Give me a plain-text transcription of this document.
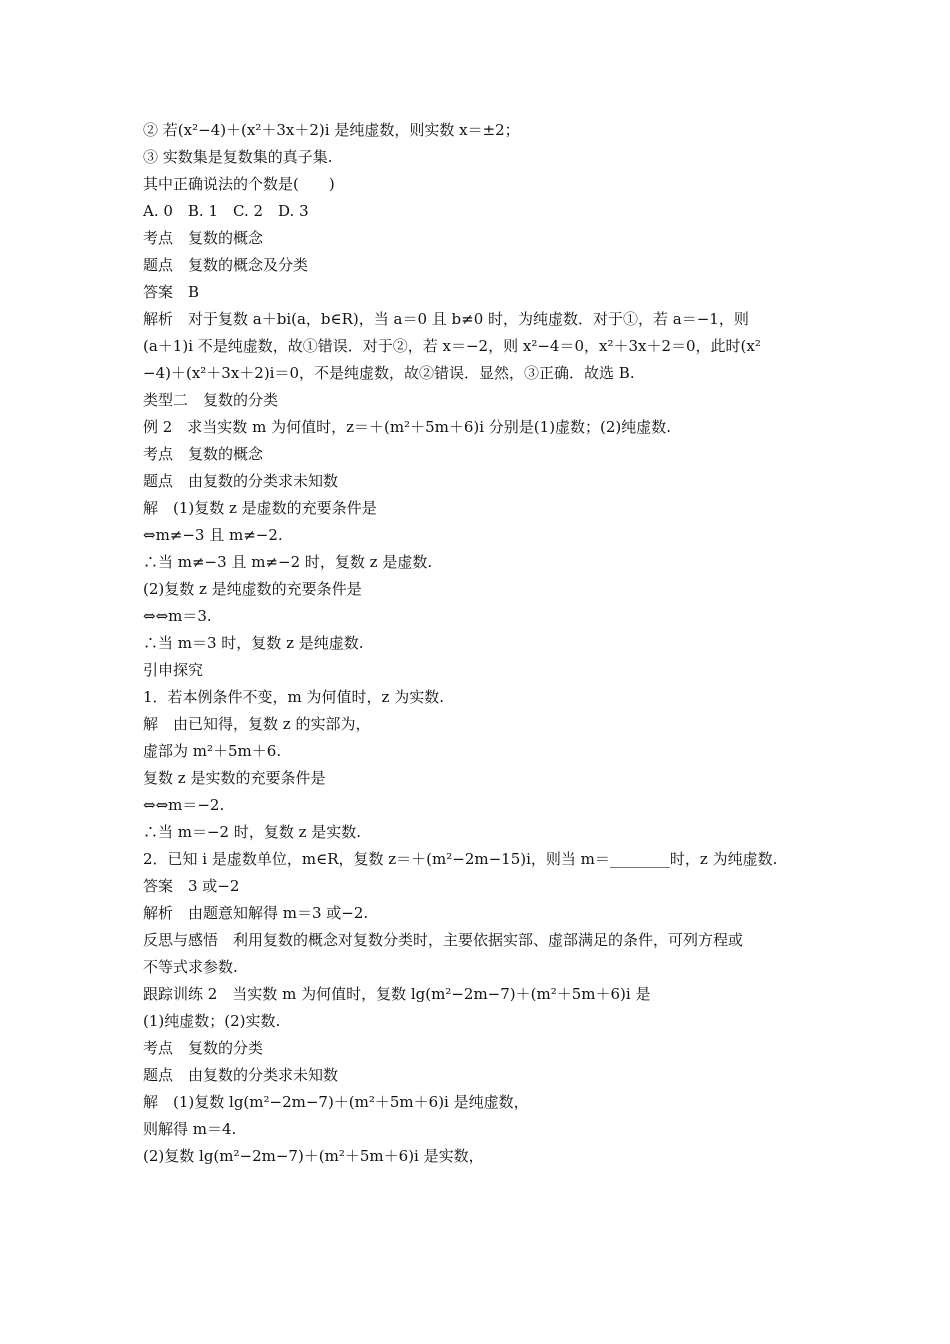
② 若(x²−4)＋(x²＋3x＋2)i 是纯虚数，则实数 x＝±2；
③ 实数集是复数集的真子集.
其中正确说法的个数是(　　)
A. 0　B. 1　C. 2　D. 3
考点　复数的概念
题点　复数的概念及分类
答案　B
解析　对于复数 a＋bi(a，b∈R)，当 a＝0 且 b≠0 时，为纯虚数．对于①，若 a＝−1，则
(a＋1)i 不是纯虚数，故①错误．对于②，若 x＝−2，则 x²−4＝0，x²＋3x＋2＝0，此时(x²
−4)＋(x²＋3x＋2)i＝0，不是纯虚数，故②错误．显然，③正确．故选 B.
类型二　复数的分类
例 2　求当实数 m 为何值时，z＝＋(m²＋5m＋6)i 分别是(1)虚数；(2)纯虚数.
考点　复数的概念
题点　由复数的分类求未知数
解　(1)复数 z 是虚数的充要条件是
⇔m≠−3 且 m≠−2.
∴当 m≠−3 且 m≠−2 时，复数 z 是虚数.
(2)复数 z 是纯虚数的充要条件是
⇔⇔m＝3.
∴当 m＝3 时，复数 z 是纯虚数.
引申探究
1．若本例条件不变，m 为何值时，z 为实数.
解　由已知得，复数 z 的实部为，
虚部为 m²＋5m＋6.
复数 z 是实数的充要条件是
⇔⇔m＝−2.
∴当 m＝−2 时，复数 z 是实数.
2．已知 i 是虚数单位，m∈R，复数 z＝＋(m²−2m−15)i，则当 m＝________时，z 为纯虚数.
答案　3 或−2
解析　由题意知解得 m＝3 或−2.
反思与感悟　利用复数的概念对复数分类时，主要依据实部、虚部满足的条件，可列方程或
不等式求参数.
跟踪训练 2　当实数 m 为何值时，复数 lg(m²−2m−7)＋(m²＋5m＋6)i 是
(1)纯虚数；(2)实数.
考点　复数的分类
题点　由复数的分类求未知数
解　(1)复数 lg(m²−2m−7)＋(m²＋5m＋6)i 是纯虚数，
则解得 m＝4.
(2)复数 lg(m²−2m−7)＋(m²＋5m＋6)i 是实数，
